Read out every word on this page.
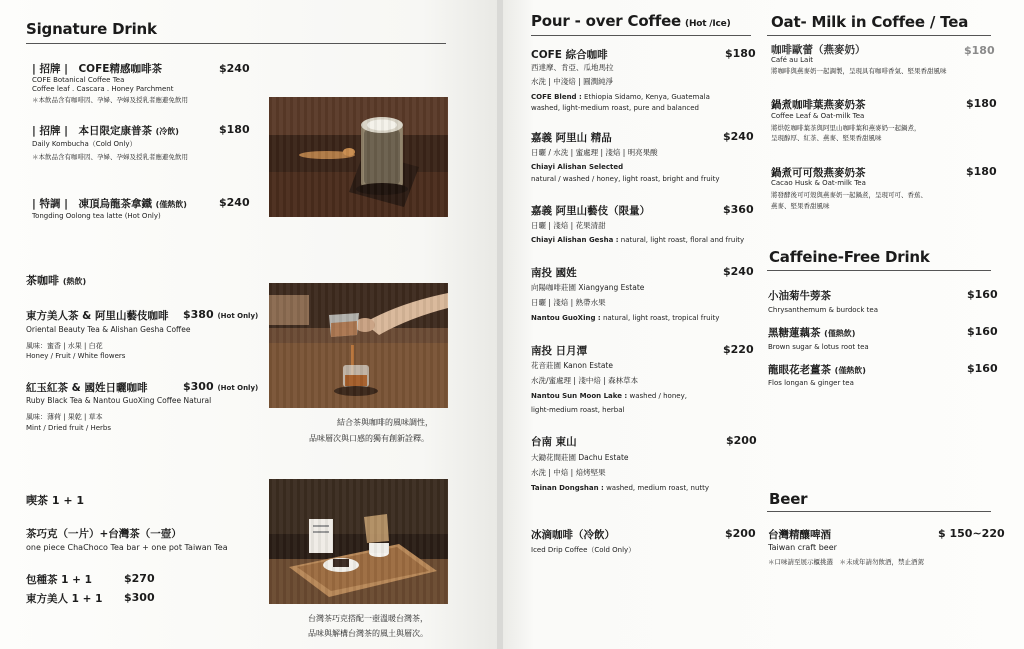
Signature Drink
| 招牌 |　COFE精感咖啡茶	$240
COFE Botanical Coffee Tea
Coffee leaf . Cascara . Honey Parchment
＊本飲品含有咖啡因、孕婦、孕婦及授乳者應避免飲用
| 招牌 |　本日限定康普茶 (冷飲)	$180
Daily Kombucha（Cold Only）
＊本飲品含有咖啡因、孕婦、孕婦及授乳者應避免飲用
| 特調 |　凍頂烏龍茶拿鐵 (僅熱飲)	$240
Tongding Oolong tea latte (Hot Only)
茶咖啡 (熱飲)
東方美人茶 & 阿里山藝伎咖啡 $380 (Hot Only)
Oriental Beauty Tea & Alishan Gesha Coffee
風味：蜜香 | 水果 | 白花
Honey / Fruit / White flowers
紅玉紅茶 & 國姓日曬咖啡	$300 (Hot Only)
Ruby Black Tea & Nantou GuoXing Coffee Natural
風味：薄荷 | 果乾 | 草本
Mint / Dried fruit / Herbs
結合茶與咖啡的風味調性，
品味層次與口感的獨有創新詮釋。
喫茶 1 + 1
茶巧克（一片）+台灣茶（一壺）
one piece ChaChoco Tea bar + one pot Taiwan Tea
包種茶 1 + 1	$270
東方美人 1 + 1 $300
台灣茶巧克搭配一壺溫暖台灣茶，
品味與解構台灣茶的風土與層次。
Pour - over Coffee (Hot /Ice)
COFE 綜合咖啡	$180
西達摩、肯亞、瓜地馬拉
水洗 | 中淺焙 | 圓潤純淨
COFE Blend : Ethiopia Sidamo, Kenya, Guatemala
washed, light-medium roast, pure and balanced
嘉義 阿里山 精品	$240
日曬 / 水洗 | 蜜處理 | 淺焙 | 明亮果酸
Chiayi Alishan Selected
natural / washed / honey, light roast, bright and fruity
嘉義 阿里山藝伎（限量）	$360
日曬 | 淺焙 | 花果清甜
Chiayi Alishan Gesha : natural, light roast, floral and fruity
南投 國姓	$240
向陽咖啡莊園 Xiangyang Estate
日曬 | 淺焙 | 熟帶水果
Nantou GuoXing : natural, light roast, tropical fruity
南投 日月潭	$220
花音莊園 Kanon Estate
水洗/蜜處理 | 淺中焙 | 森林草本
Nantou Sun Moon Lake : washed / honey,
light-medium roast, herbal
台南 東山	$200
大鋤花間莊園 Dachu Estate
水洗 | 中焙 | 焙烤堅果
Tainan Dongshan : washed, medium roast, nutty
冰滴咖啡（冷飲）	$200
Iced Drip Coffee（Cold Only）
Oat- Milk in Coffee / Tea
咖啡歐蕾（燕麥奶）	$180
Café au Lait
將咖啡與燕麥奶一起調製，呈現具有咖啡香氣、堅果香甜風味
鍋煮咖啡葉燕麥奶茶	$180
Coffee Leaf & Oat-milk Tea
將烘乾咖啡葉茶與阿里山咖啡葉和燕麥奶一起鍋煮，
呈現醇厚、紅茶、燕麥、堅果香甜風味
鍋煮可可殼燕麥奶茶	$180
Cacao Husk & Oat-milk Tea
將發酵後可可殼與燕麥奶一起鍋煮，呈現可可、香蕉、
燕麥、堅果香甜風味
Caffeine-Free Drink
小油菊牛蒡茶	$160
Chrysanthemum & burdock tea
黑糖蓮藕茶 (僅熱飲)	$160
Brown sugar & lotus root tea
龍眼花老薑茶 (僅熱飲)	$160
Flos longan & ginger tea
Beer
台灣精釀啤酒	$ 150~220
Taiwan craft beer
＊口味請至展示櫃挑選　＊未成年請勿飲酒，禁止酒駕
